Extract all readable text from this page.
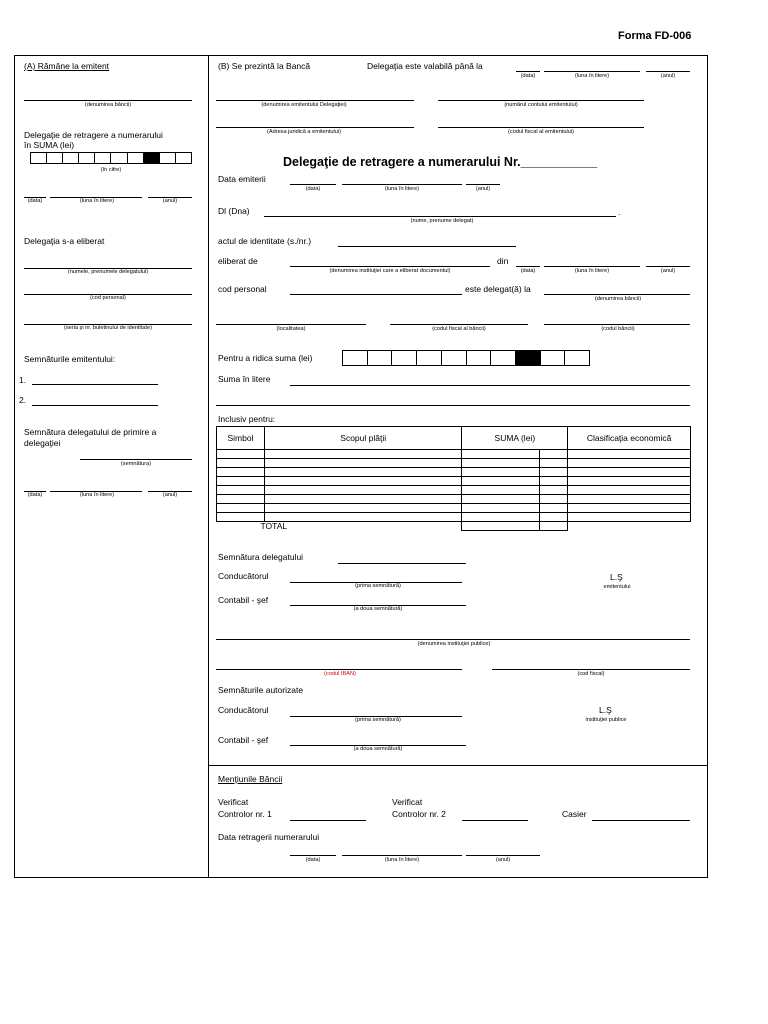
Forma FD-006
(A) Rămâne la emitent
(denumirea băncii)
Delegaţie de retragere a numerarului
în SUMA (lei)
(în cifre)
(data)	(luna în litere)	(anul)
Delegaţia s-a eliberat
(numele, prenumele delegatului)
(cod personal)
(seria şi nr. buletinului de identitate)
Semnăturile emitentului:
1.
2.
Semnătura delegatului de primire a
delegaţiei
(semnătura)
(data)	(luna în litere)	(anul)
(B) Se prezintă la Bancă	Delegaţia este valabilă până la
(data)	(luna în litere)	(anul)
(denumirea emitentului Delegaţiei)	(numărul contului emitentului)
(Adresa juridică a emitentului)	(codul fiscal al emitentului)
Delegaţie de retragere a numerarului Nr.___________
Data emiterii
(data)	(luna în litere)	(anul)
Dl (Dna)	.
(nume, prenume delegat)
actul de identitate (s./nr.)
eliberat de
(denumirea instituţiei care a eliberat documentul)
din
(data)	(luna în litere)	(anul)
cod personal	este delegat(ă) la
(denumirea băncii)
(localitatea)	(codul fiscal al băncii)	(codul băncii)
Pentru a ridica suma (lei)
Suma în litere
Inclusiv pentru:
Simbol	Scopul plăţii	SUMA (lei)		Clasificaţia economică

TOTAL				
Semnătura delegatului
Conducătorul
(prima semnătură)
L.Ş
emitentului
Contabil - şef
(a doua semnătură)
(denumirea instituţiei publice)
(codul IBAN)	(cod fiscal)
Semnăturile autorizate
Conducătorul
(prima semnătură)
L.Ş
instituţiei publice
Contabil - şef
(a doua semnătură)
Menţiunile Băncii
Verificat
Controlor nr. 1
Verificat
Controlor nr. 2	Casier
Data retragerii numerarului
(data)	(luna în litere)	(anul)
